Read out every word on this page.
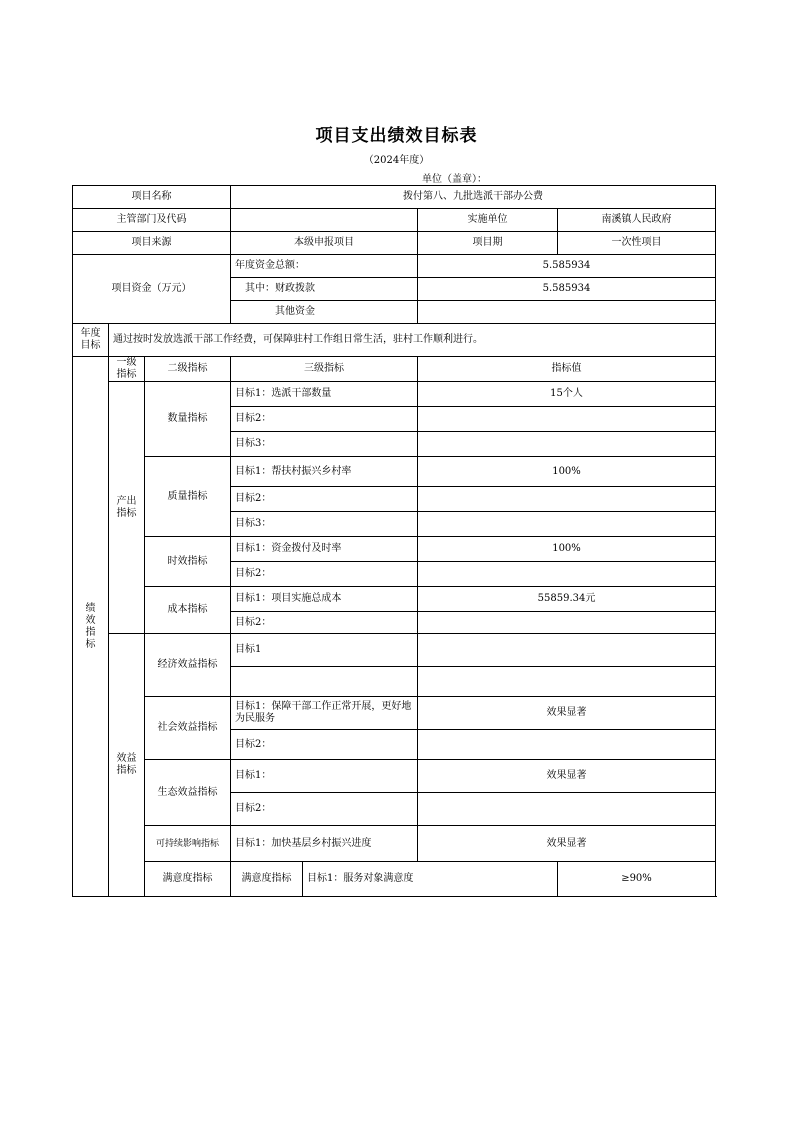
项目支出绩效目标表
（2024年度）
单位（盖章）：
项目名称			拨付第八、九批选派干部办公费			
主管部门及代码					实施单位	南溪镇人民政府
项目来源			本级申报项目		项目期	一次性项目
项目资金（万元）			年度资金总额：		5.585934	
			其中：财政拨款		5.585934	
			其他资金			
年度目标	通过按时发放选派干部工作经费，可保障驻村工作组日常生活，驻村工作顺利进行。					
绩效指标	一级指标	二级指标	三级指标		指标值	
	产出指标	数量指标	目标1：选派干部数量		15个人	
			目标2：			
			目标3：			
		质量指标	目标1：帮扶村振兴乡村率		100%	
			目标2：			
			目标3：			
		时效指标	目标1：资金拨付及时率		100%	
			目标2：			
		成本指标	目标1：项目实施总成本		55859.34元	
			目标2：			
	效益指标	经济效益指标	目标1			

		社会效益指标	目标1：保障干部工作正常开展，更好地为民服务		效果显著	
			目标2：			
		生态效益指标	目标1：		效果显著	
			目标2：			
		可持续影响指标	目标1：加快基层乡村振兴进度		效果显著	
		满意度指标	满意度指标	目标1：服务对象满意度		≥90%
